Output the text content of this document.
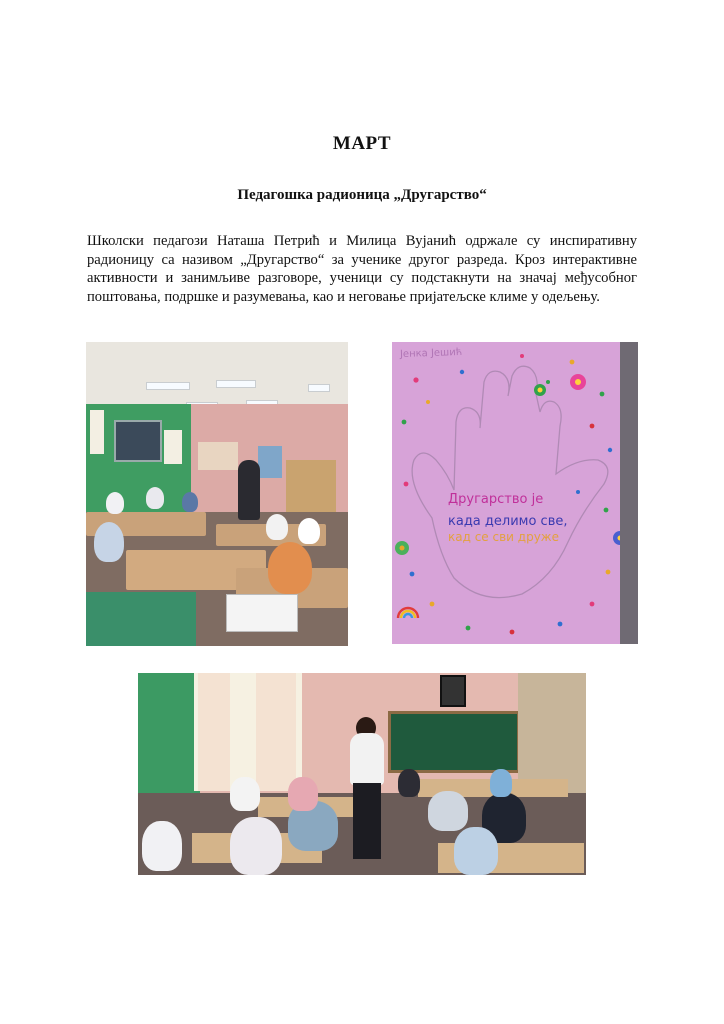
МАРТ
Педагошка радионица „Другарство“
Школски педагози Наташа Петрић и Милица Вујанић одржале су инспиративну радионицу са називом „Другарство“ за ученике другог разреда. Кроз интерактивне активности и занимљиве разговоре, ученици су подстакнути на значај међусобног поштовања, подршке и разумевања, као и неговање пријатељске климе у одељењу.
Јенка Јешић
Другарство је
када делимо све,
кад се сви друже
